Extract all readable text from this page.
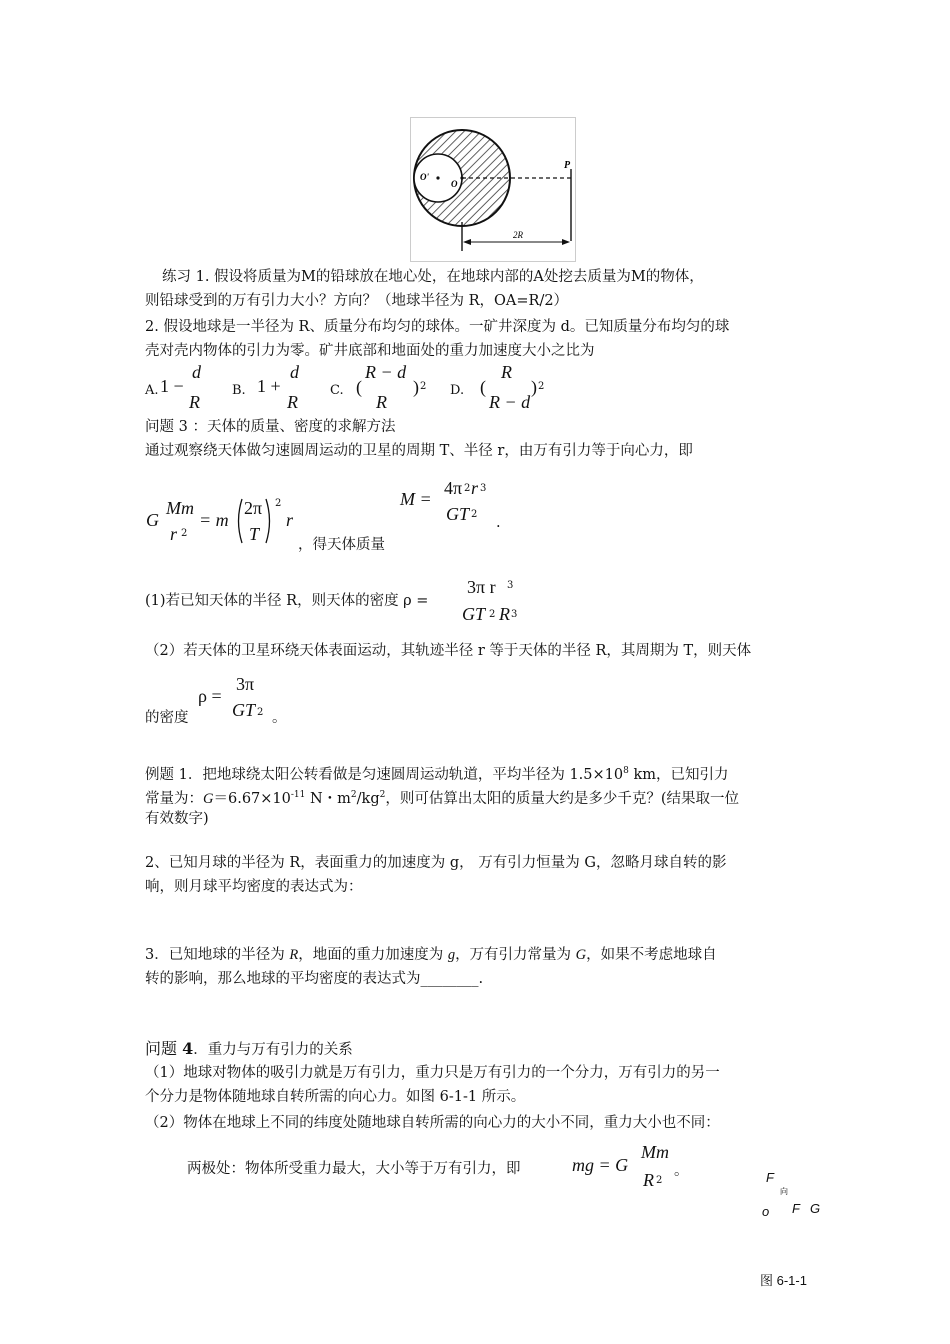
O'
O
P
2R
练习 1. 假设将质量为M的铅球放在地心处，在地球内部的A处挖去质量为M的物体，
则铅球受到的万有引力大小？方向？（地球半径为 R，OA=R/2）
2. 假设地球是一半径为 R、质量分布均匀的球体。一矿井深度为 d。已知质量分布均匀的球
壳对壳内物体的引力为零。矿井底部和地面处的重力加速度大小之比为
A. 1 −
d
R
B. 1 +
d
R
C. (
R − d
R
) 2 D. (
R
R − d
) 2
问题 3 ：天体的质量、密度的求解方法
通过观察绕天体做匀速圆周运动的卫星的周期 T、半径 r，由万有引力等于向心力，即
G
Mm
r 2
= m
2π
T
2
r
，得天体质量
M =
4π 2 r 3
GT 2
.
(1)若已知天体的半径 R，则天体的密度 ρ =
3π r 3
GT 2 R 3
（2）若天体的卫星环绕天体表面运动，其轨迹半径 r 等于天体的半径 R，其周期为 T，则天体
ρ =
3π
GT 2
的密度	。
例题 1．把地球绕太阳公转看做是匀速圆周运动轨道，平均半径为 $1.5\times 10^8$ km，已知引力
常量为：$G=6.67\times 10^{-11}$ N・$m^2/kg^2$，则可估算出太阳的质量大约是多少千克？(结果取一位
有效数字)
2、已知月球的半径为 R，表面重力的加速度为 g， 万有引力恒量为 G，忽略月球自转的影
响，则月球平均密度的表达式为：
3．已知地球的半径为 R，地面的重力加速度为 g，万有引力常量为 G，如果不考虑地球自
转的影响，那么地球的平均密度的表达式为________.
问题 4．重力与万有引力的关系
（1）地球对物体的吸引力就是万有引力，重力只是万有引力的一个分力，万有引力的另一
个分力是物体随地球自转所需的向心力。如图 6-1-1 所示。
（2）物体在地球上不同的纬度处随地球自转所需的向心力的大小不同，重力大小也不同：
两极处：物体所受重力最大，大小等于万有引力，即	mg = G
Mm
R 2
。	F
向
o F G
图 6-1-1
